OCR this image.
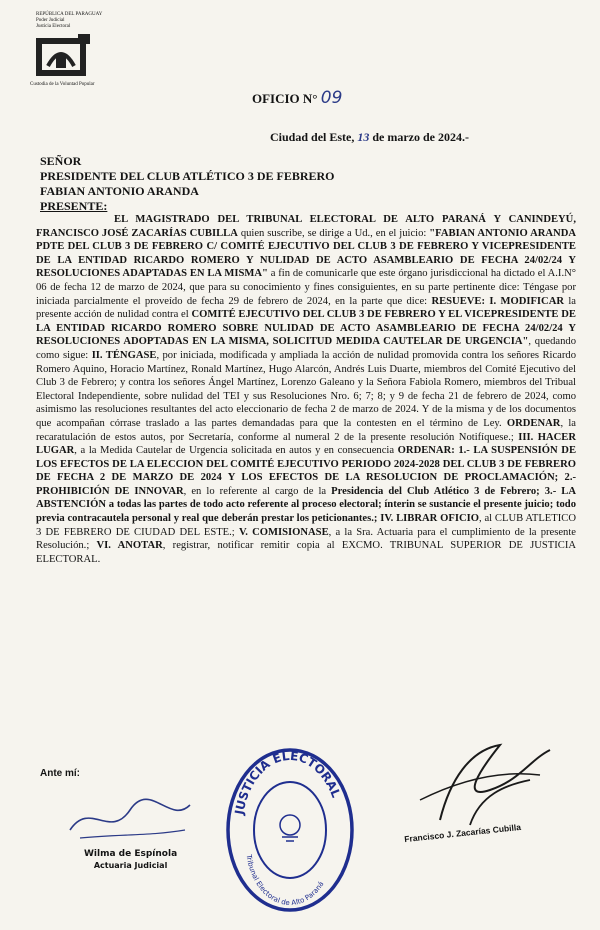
REPÚBLICA DEL PARAGUAY
Poder Judicial
Justicia Electoral
Custodia de la Voluntad Popular
OFICIO N° 09
Ciudad del Este, 13 de marzo de 2024.-
SEÑOR
PRESIDENTE DEL CLUB ATLÉTICO 3 DE FEBRERO
FABIAN ANTONIO ARANDA
PRESENTE:
EL MAGISTRADO DEL TRIBUNAL ELECTORAL DE ALTO PARANÁ Y CANINDEYÚ, FRANCISCO JOSÉ ZACARÍAS CUBILLA quien suscribe, se dirige a Ud., en el juicio: "FABIAN ANTONIO ARANDA PDTE DEL CLUB 3 DE FEBRERO C/ COMITÉ EJECUTIVO DEL CLUB 3 DE FEBRERO Y VICEPRESIDENTE DE LA ENTIDAD RICARDO ROMERO Y NULIDAD DE ACTO ASAMBLEARIO DE FECHA 24/02/24 Y RESOLUCIONES ADAPTADAS EN LA MISMA" a fin de comunicarle que este órgano jurisdiccional ha dictado el A.I.N° 06 de fecha 12 de marzo de 2024, que para su conocimiento y fines consiguientes, en su parte pertinente dice: Téngase por iniciada parcialmente el proveído de fecha 29 de febrero de 2024, en la parte que dice: RESUEVE: I. MODIFICAR la presente acción de nulidad contra el COMITÉ EJECUTIVO DEL CLUB 3 DE FEBRERO Y EL VICEPRESIDENTE DE LA ENTIDAD RICARDO ROMERO SOBRE NULIDAD DE ACTO ASAMBLEARIO DE FECHA 24/02/24 Y RESOLUCIONES ADOPTADAS EN LA MISMA, SOLICITUD MEDIDA CAUTELAR DE URGENCIA", quedando como sigue: II. TÉNGASE, por iniciada, modificada y ampliada la acción de nulidad promovida contra los señores Ricardo Romero Aquino, Horacio Martínez, Ronald Martínez, Hugo Alarcón, Andrés Luis Duarte, miembros del Comité Ejecutivo del Club 3 de Febrero; y contra los señores Ángel Martínez, Lorenzo Galeano y la Señora Fabiola Romero, miembros del Tribual Electoral Independiente, sobre nulidad del TEI y sus Resoluciones Nro. 6; 7; 8; y 9 de fecha 21 de febrero de 2024, como asimismo las resoluciones resultantes del acto eleccionario de fecha 2 de marzo de 2024. Y de la misma y de los documentos que acompañan córrase traslado a las partes demandadas para que la contesten en el término de Ley. ORDENAR, la recaratulación de estos autos, por Secretaría, conforme al numeral 2 de la presente resolución Notifíquese.; III. HACER LUGAR, a la Medida Cautelar de Urgencia solicitada en autos y en consecuencia ORDENAR: 1.- LA SUSPENSIÓN DE LOS EFECTOS DE LA ELECCION DEL COMITÉ EJECUTIVO PERIODO 2024-2028 DEL CLUB 3 DE FEBRERO DE FECHA 2 DE MARZO DE 2024 Y LOS EFECTOS DE LA RESOLUCION DE PROCLAMACIÓN; 2.- PROHIBICIÓN DE INNOVAR, en lo referente al cargo de la Presidencia del Club Atlético 3 de Febrero; 3.- LA ABSTENCIÓN a todas las partes de todo acto referente al proceso electoral; ínterin se sustancie el presente juicio; todo previa contracautela personal y real que deberán prestar los peticionantes.; IV. LIBRAR OFICIO, al CLUB ATLETICO 3 DE FEBRERO DE CIUDAD DEL ESTE.; V. COMISIONASE, a la Sra. Actuaria para el cumplimiento de la presente Resolución.; VI. ANOTAR, registrar, notificar remitir copia al EXCMO. TRIBUNAL SUPERIOR DE JUSTICIA ELECTORAL.
Ante mí:
Wilma de Espínola
Actuaria Judicial
JUSTICIA ELECTORAL
Tribunal Electoral de Alto Paraná
Francisco J. Zacarías Cubilla
